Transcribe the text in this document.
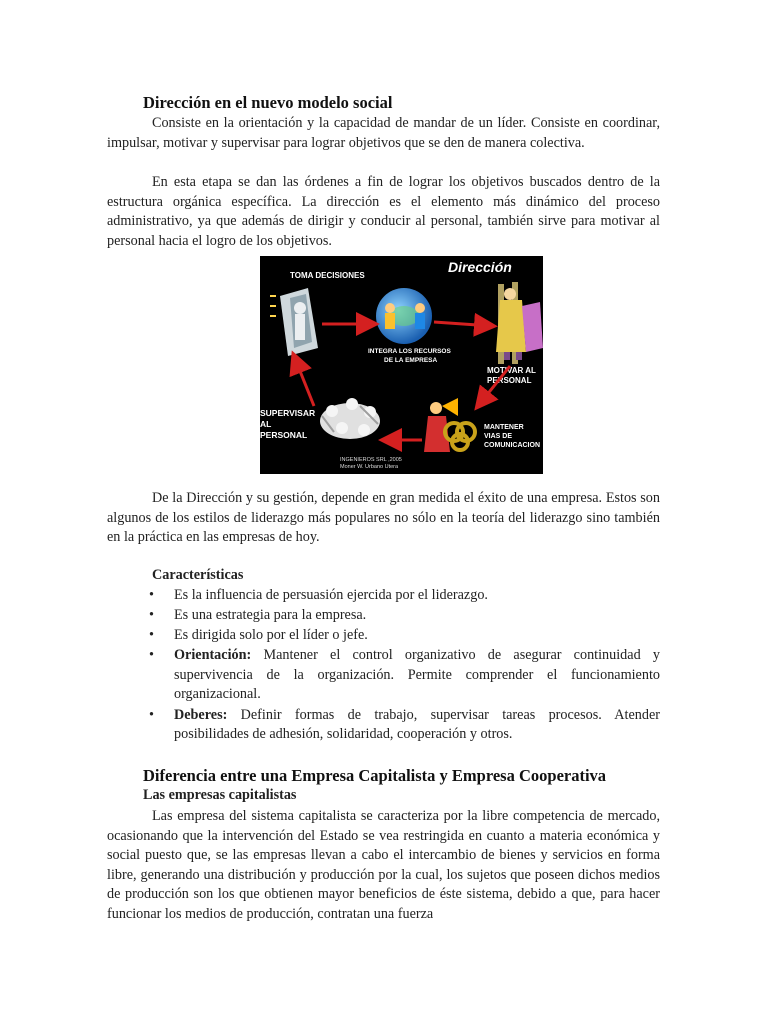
Dirección en el nuevo modelo social

Consiste en la orientación y la capacidad de mandar de un líder. Consiste en coordinar, impulsar, motivar y supervisar para lograr objetivos que se den de manera colectiva.

En esta etapa se dan las órdenes a fin de lograr los objetivos buscados dentro de la estructura orgánica específica. La dirección es el elemento más dinámico del proceso administrativo, ya que además de dirigir y conducir al personal, también sirve para motivar al personal hacia el logro de los objetivos.

Dirección
TOMA DECISIONES
INTEGRA LOS RECURSOS
DE LA EMPRESA
MOTIVAR AL
PERSONAL
SUPERVISAR
AL
PERSONAL
MANTENER
VIAS DE
COMUNICACION
INGENIEROS SRL ,2005
Moner W. Urbano Utera

De la Dirección y su gestión, depende en gran medida el éxito de una empresa. Estos son algunos de los estilos de liderazgo más populares no sólo en la teoría del liderazgo sino también en la práctica en las empresas de hoy.

Características
• Es la influencia de persuasión ejercida por el liderazgo.
• Es una estrategia para la empresa.
• Es dirigida solo por el líder o jefe.
• Orientación: Mantener el control organizativo de asegurar continuidad y supervivencia de la organización. Permite comprender el funcionamiento organizacional.
• Deberes: Definir formas de trabajo, supervisar tareas procesos. Atender posibilidades de adhesión, solidaridad, cooperación y otros.
Diferencia entre una Empresa Capitalista y Empresa Cooperativa
Las empresas capitalistas

Las empresa del sistema capitalista se caracteriza por la libre competencia de mercado, ocasionando que la intervención del Estado se vea restringida en cuanto a materia económica y social puesto que, se las empresas llevan a cabo el intercambio de bienes y servicios en forma libre, generando una distribución y producción por la cual, los sujetos que poseen dichos medios de producción son los que obtienen mayor beneficios de éste sistema, debido a que, para hacer funcionar los medios de producción, contratan una fuerza
